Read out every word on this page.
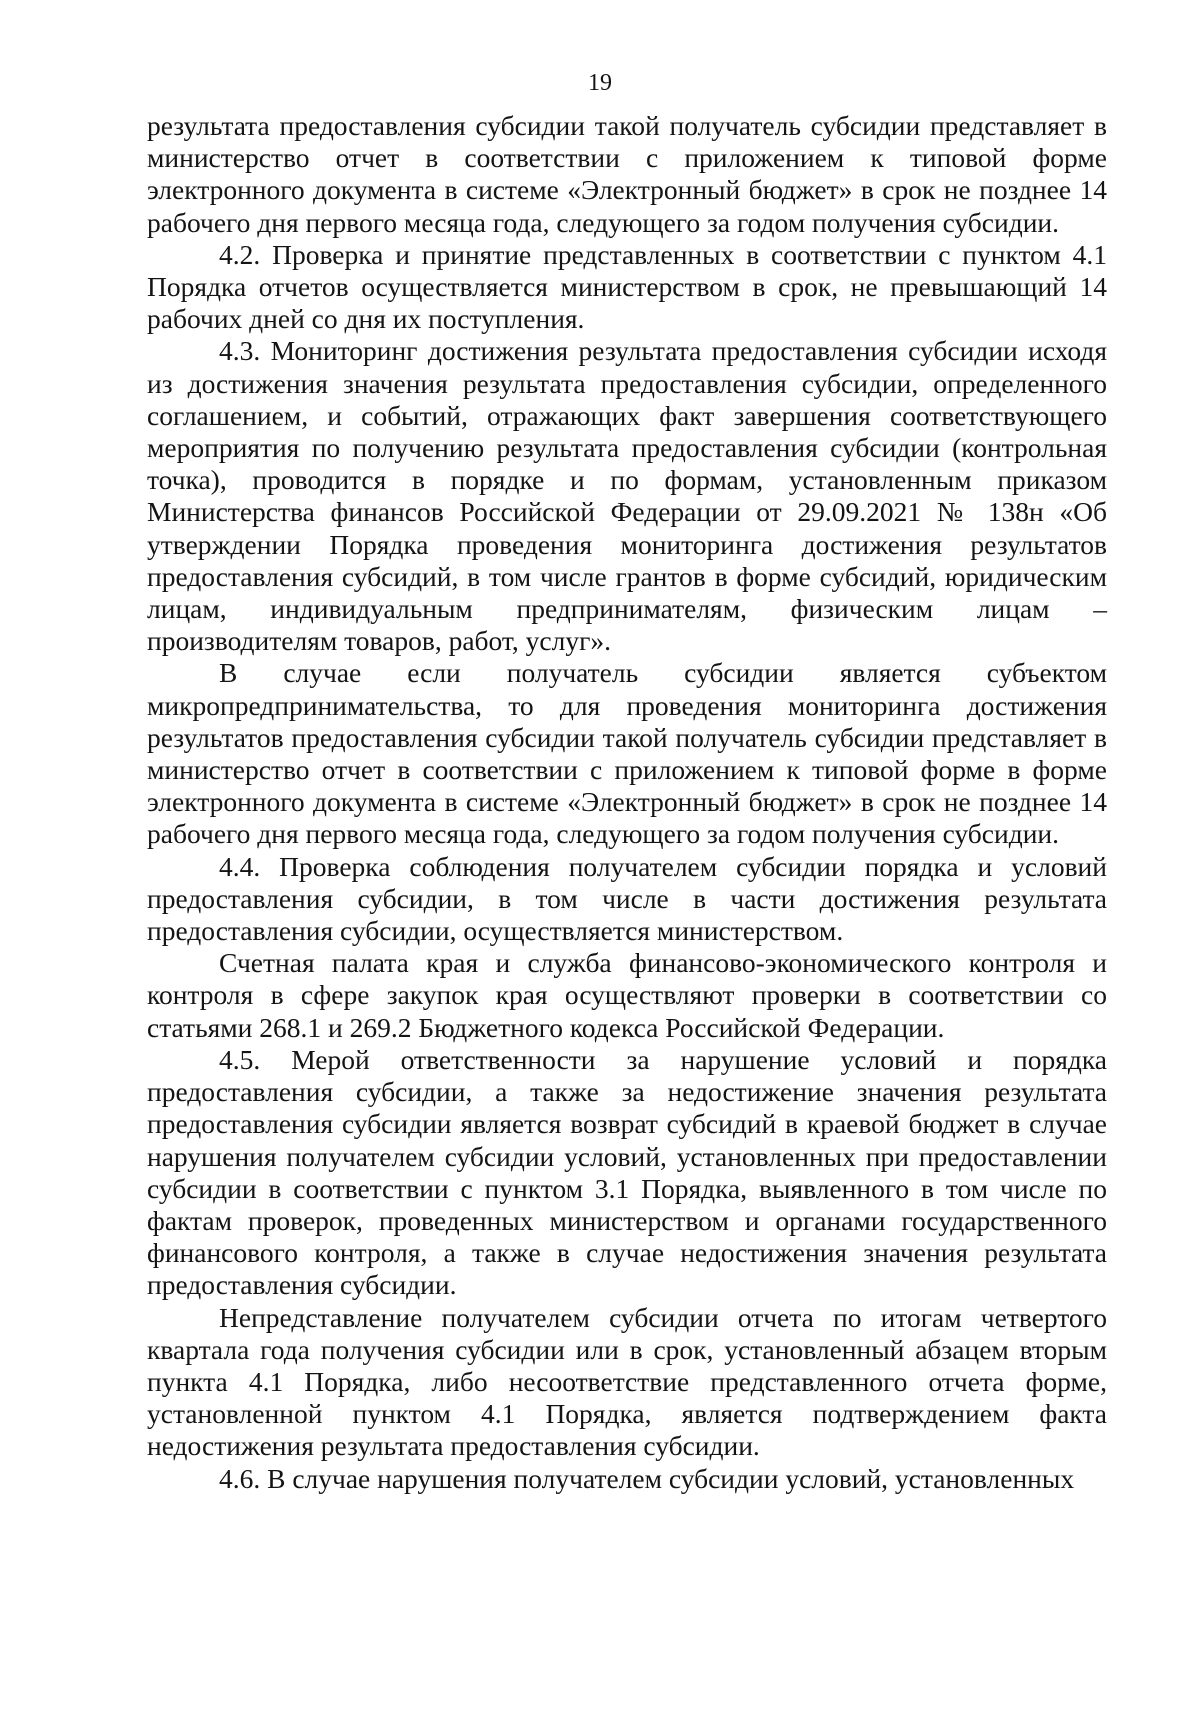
19

результата предоставления субсидии такой получатель субсидии представляет в министерство отчет в соответствии с приложением к типовой форме электронного документа в системе «Электронный бюджет» в срок не позднее 14 рабочего дня первого месяца года, следующего за годом получения субсидии.

4.2. Проверка и принятие представленных в соответствии с пунктом 4.1 Порядка отчетов осуществляется министерством в срок, не превышающий 14 рабочих дней со дня их поступления.

4.3. Мониторинг достижения результата предоставления субсидии исходя из достижения значения результата предоставления субсидии, определенного соглашением, и событий, отражающих факт завершения соответствующего мероприятия по получению результата предоставления субсидии (контрольная точка), проводится в порядке и по формам, установленным приказом Министерства финансов Российской Федерации от 29.09.2021 № 138н «Об утверждении Порядка проведения мониторинга достижения результатов предоставления субсидий, в том числе грантов в форме субсидий, юридическим лицам, индивидуальным предпринимателям, физическим лицам – производителям товаров, работ, услуг».

В случае если получатель субсидии является субъектом микропредпринимательства, то для проведения мониторинга достижения результатов предоставления субсидии такой получатель субсидии представляет в министерство отчет в соответствии с приложением к типовой форме в форме электронного документа в системе «Электронный бюджет» в срок не позднее 14 рабочего дня первого месяца года, следующего за годом получения субсидии.

4.4. Проверка соблюдения получателем субсидии порядка и условий предоставления субсидии, в том числе в части достижения результата предоставления субсидии, осуществляется министерством.

Счетная палата края и служба финансово-экономического контроля и контроля в сфере закупок края осуществляют проверки в соответствии со статьями 268.1 и 269.2 Бюджетного кодекса Российской Федерации.

4.5. Мерой ответственности за нарушение условий и порядка предоставления субсидии, а также за недостижение значения результата предоставления субсидии является возврат субсидий в краевой бюджет в случае нарушения получателем субсидии условий, установленных при предоставлении субсидии в соответствии с пунктом 3.1 Порядка, выявленного в том числе по фактам проверок, проведенных министерством и органами государственного финансового контроля, а также в случае недостижения значения результата предоставления субсидии.

Непредставление получателем субсидии отчета по итогам четвертого квартала года получения субсидии или в срок, установленный абзацем вторым пункта 4.1 Порядка, либо несоответствие представленного отчета форме, установленной пунктом 4.1 Порядка, является подтверждением факта недостижения результата предоставления субсидии.

4.6. В случае нарушения получателем субсидии условий, установленных
